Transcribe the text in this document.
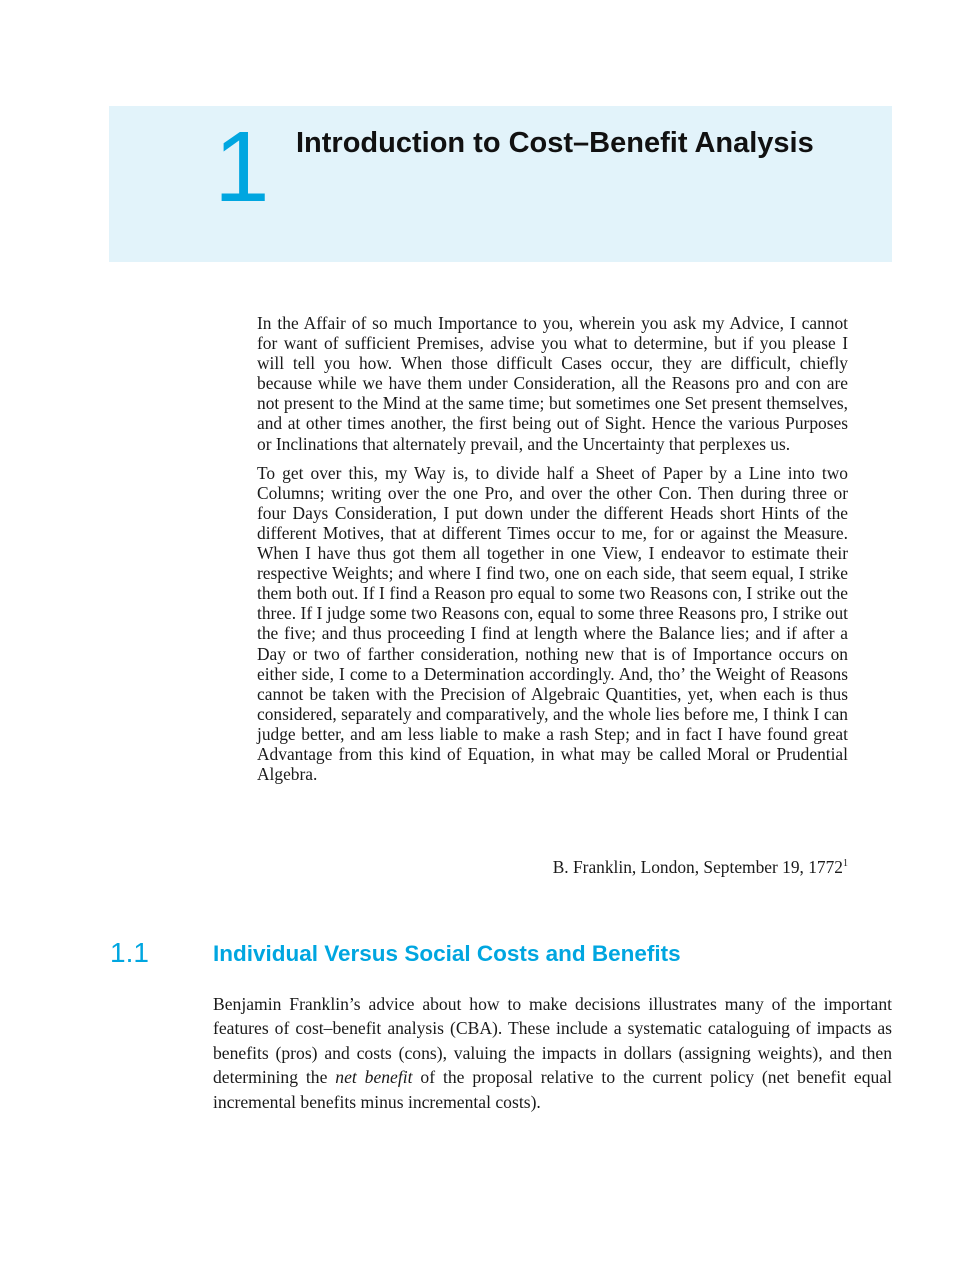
1 Introduction to Cost–Benefit Analysis

In the Affair of so much Importance to you, wherein you ask my Advice, I cannot for want of sufficient Premises, advise you what to determine, but if you please I will tell you how. When those difficult Cases occur, they are difficult, chiefly because while we have them under Consideration, all the Reasons pro and con are not present to the Mind at the same time; but sometimes one Set present themselves, and at other times another, the first being out of Sight. Hence the various Purposes or Inclinations that alternately prevail, and the Uncertainty that perplexes us.

To get over this, my Way is, to divide half a Sheet of Paper by a Line into two Columns; writing over the one Pro, and over the other Con. Then during three or four Days Consideration, I put down under the different Heads short Hints of the different Motives, that at different Times occur to me, for or against the Measure. When I have thus got them all together in one View, I endeavor to estimate their respective Weights; and where I find two, one on each side, that seem equal, I strike them both out. If I find a Reason pro equal to some two Reasons con, I strike out the three. If I judge some two Reasons con, equal to some three Reasons pro, I strike out the five; and thus proceeding I find at length where the Balance lies; and if after a Day or two of farther consideration, nothing new that is of Importance occurs on either side, I come to a Determination accordingly. And, tho’ the Weight of Reasons cannot be taken with the Precision of Algebraic Quantities, yet, when each is thus considered, separately and comparatively, and the whole lies before me, I think I can judge better, and am less liable to make a rash Step; and in fact I have found great Advantage from this kind of Equation, in what may be called Moral or Prudential Algebra.

B. Franklin, London, September 19, 1772$^1$
1.1	Individual Versus Social Costs and Benefits

Benjamin Franklin’s advice about how to make decisions illustrates many of the important features of cost–benefit analysis (CBA). These include a systematic cataloguing of impacts as benefits (pros) and costs (cons), valuing the impacts in dollars (assigning weights), and then determining the net benefit of the proposal relative to the current policy (net benefit equal incremental benefits minus incremental costs).
